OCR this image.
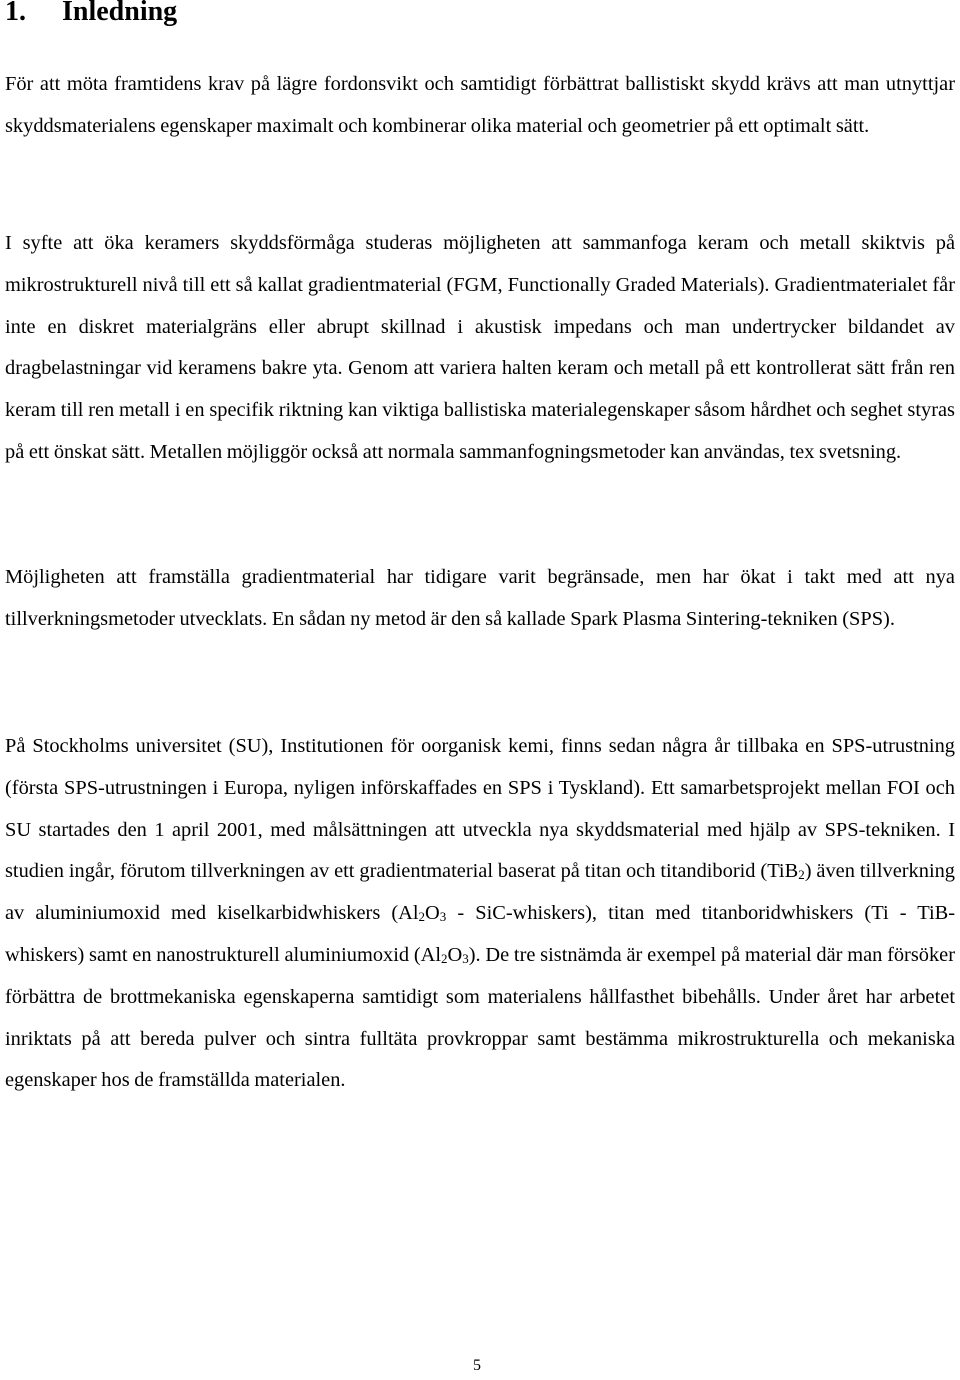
1. Inledning

För att möta framtidens krav på lägre fordonsvikt och samtidigt förbättrat ballistiskt skydd krävs att man utnyttjar skyddsmaterialens egenskaper maximalt och kombinerar olika material och geometrier på ett optimalt sätt.

I syfte att öka keramers skyddsförmåga studeras möjligheten att sammanfoga keram och metall skiktvis på mikrostrukturell nivå till ett så kallat gradientmaterial (FGM, Functionally Graded Materials). Gradientmaterialet får inte en diskret materialgräns eller abrupt skillnad i akustisk impedans och man undertrycker bildandet av dragbelastningar vid keramens bakre yta. Genom att variera halten keram och metall på ett kontrollerat sätt från ren keram till ren metall i en specifik riktning kan viktiga ballistiska materialegenskaper såsom hårdhet och seghet styras på ett önskat sätt. Metallen möjliggör också att normala sammanfogningsmetoder kan användas, tex svetsning.

Möjligheten att framställa gradientmaterial har tidigare varit begränsade, men har ökat i takt med att nya tillverkningsmetoder utvecklats. En sådan ny metod är den så kallade Spark Plasma Sintering-tekniken (SPS).

På Stockholms universitet (SU), Institutionen för oorganisk kemi, finns sedan några år tillbaka en SPS-utrustning (första SPS-utrustningen i Europa, nyligen införskaffades en SPS i Tyskland). Ett samarbetsprojekt mellan FOI och SU startades den 1 april 2001, med målsättningen att utveckla nya skyddsmaterial med hjälp av SPS-tekniken. I studien ingår, förutom tillverkningen av ett gradientmaterial baserat på titan och titandiborid (TiB$_2$) även tillverkning av aluminiumoxid med kiselkarbidwhiskers ($Al_2O_3$ - SiC-whiskers), titan med titanboridwhiskers (Ti - TiB-whiskers) samt en nanostrukturell aluminiumoxid $(Al_2O_3)$. De tre sistnämda är exempel på material där man försöker förbättra de brottmekaniska egenskaperna samtidigt som materialens hållfasthet bibehålls. Under året har arbetet inriktats på att bereda pulver och sintra fulltäta provkroppar samt bestämma mikrostrukturella och mekaniska egenskaper hos de framställda materialen.

5
